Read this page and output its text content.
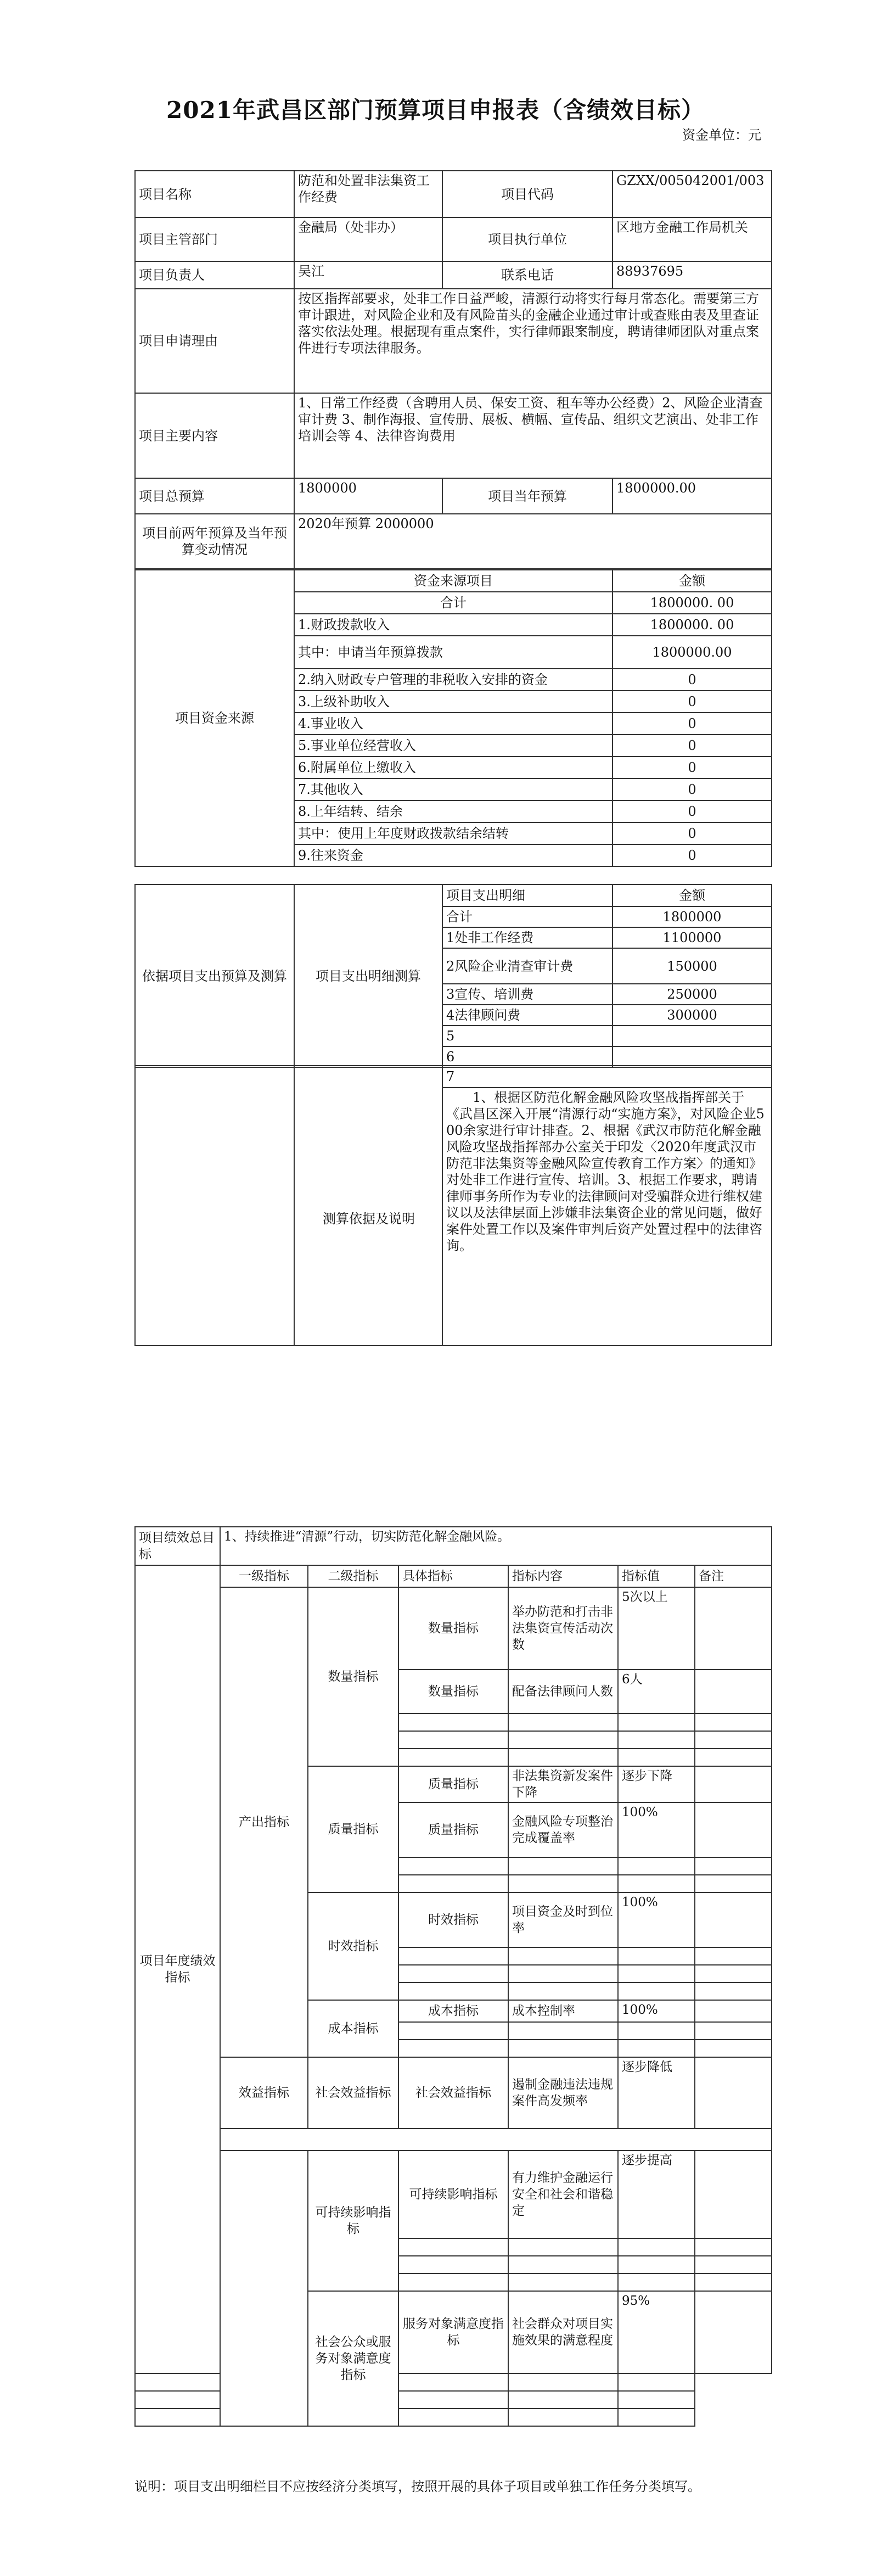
2021年武昌区部门预算项目申报表（含绩效目标）
资金单位：元
项目名称	防范和处置非法集资工作经费	项目代码	GZXX/005042001/003
项目主管部门	金融局（处非办）	项目执行单位	区地方金融工作局机关
项目负责人	吴江	联系电话	88937695
项目申请理由	按区指挥部要求，处非工作日益严峻，清源行动将实行每月常态化。需要第三方审计跟进，对风险企业和及有风险苗头的金融企业通过审计或查账由表及里查证落实依法处理。根据现有重点案件，实行律师跟案制度，聘请律师团队对重点案件进行专项法律服务。		
项目主要内容	1、日常工作经费（含聘用人员、保安工资、租车等办公经费）2、风险企业清查审计费 3、制作海报、宣传册、展板、横幅、宣传品、组织文艺演出、处非工作培训会等 4、法律咨询费用		
项目总预算	1800000	项目当年预算	1800000.00
项目前两年预算及当年预算变动情况	2020年预算 2000000		
项目资金来源	资金来源项目	金额
	合计	1800000. 00
	1.财政拨款收入	1800000. 00
	其中：申请当年预算拨款	1800000.00
	2.纳入财政专户管理的非税收入安排的资金	0
	3.上级补助收入	0
	4.事业收入	0
	5.事业单位经营收入	0
	6.附属单位上缴收入	0
	7.其他收入	0
	8.上年结转、结余	0
	其中：使用上年度财政拨款结余结转	0
	9.往来资金	0
依据项目支出预算及测算	项目支出明细测算	项目支出明细	金额
		合计	1800000
		1处非工作经费	1100000
		2风险企业清查审计费	150000
		3宣传、培训费	250000
		4法律顾问费	300000
		5	
		6	
		7
1、根据区防范化解金融风险攻坚战指挥部关于《武昌区深入开展“清源行动“实施方案》，对风险企业500余家进行审计排查。2、根据《武汉市防范化解金融风险攻坚战指挥部办公室关于印发〈2020年度武汉市防范非法集资等金融风险宣传教育工作方案〉的通知》对处非工作进行宣传、培训。3、根据工作要求，聘请律师事务所作为专业的法律顾问对受骗群众进行维权建议以及法律层面上涉嫌非法集资企业的常见问题，做好案件处置工作以及案件审判后资产处置过程中的法律咨询。
测算依据及说明
项目绩效总目标	1、持续推进“清源”行动，切实防范化解金融风险。					
项目年度绩效指标	一级指标	二级指标	具体指标	指标内容	指标值	备注
	产出指标	数量指标	数量指标	举办防范和打击非法集资宣传活动次数	5次以上	
			数量指标	配备法律顾问人数	6人	

		质量指标	质量指标	非法集资新发案件下降	逐步下降	
			质量指标	金融风险专项整治完成覆盖率	100%	

		时效指标	时效指标	项目资金及时到位率	100%	

		成本指标	成本指标	成本控制率	100%	

	效益指标	社会效益指标	社会效益指标	遏制金融违法违规案件高发频率	逐步降低	

		可持续影响指标	可持续影响指标	有力维护金融运行安全和社会和谐稳定	逐步提高	

		社会公众或服务对象满意度指标	服务对象满意度指标	社会群众对项目实施效果的满意程度	95%	

说明：项目支出明细栏目不应按经济分类填写，按照开展的具体子项目或单独工作任务分类填写。
